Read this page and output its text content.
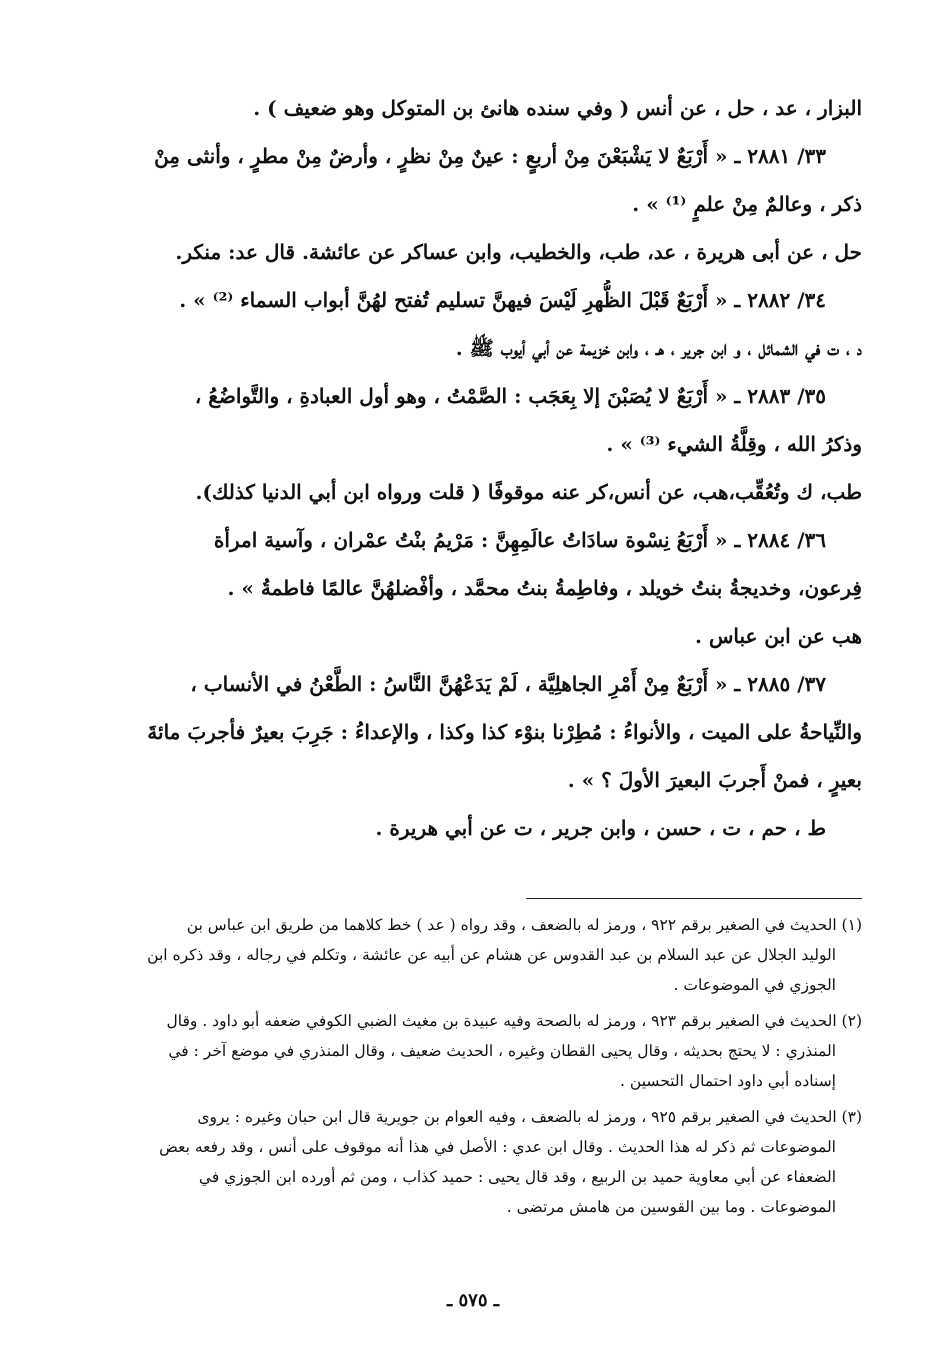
البزار ، عد ، حل ، عن أنس ( وفي سنده هانئ بن المتوكل وهو ضعيف ) .
٣٣/ ٢٨٨١ ـ « أَرْبَعٌ لا يَشْبَعْنَ مِنْ أربعٍ : عينٌ مِنْ نظرٍ ، وأرضٌ مِنْ مطرٍ ، وأنثى مِنْ
ذكر ، وعالمٌ مِنْ علمٍ ⁽¹⁾ » .
حل ، عن أبى هريرة ، عد، طب، والخطيب، وابن عساكر عن عائشة. قال عد: منكر.
٣٤/ ٢٨٨٢ ـ « أَرْبَعٌ قَبْلَ الظُّهرِ لَيْسَ فيهنَّ تسليم تُفتح لهُنَّ أبواب السماء ⁽²⁾ » .
د ، ت في الشمائل ، و ابن جرير ، هـ ، وابن خزيمة عن أبي أيوب ﷺ .
٣٥/ ٢٨٨٣ ـ « أَرْبَعٌ لا يُصَبْنَ إلا بِعَجَب : الصَّمْتُ ، وهو أول العبادةِ ، والتَّواضُعُ ،
وذكرُ الله ، وقِلَّةُ الشيء ⁽³⁾ » .
طب، ك وتُعُقِّب،هب، عن أنس،كر عنه موقوفًا ( قلت ورواه ابن أبي الدنيا كذلك).
٣٦/ ٢٨٨٤ ـ « أَرْبَعُ نِسْوة سادَاتُ عالَمِهِنَّ : مَرْيمُ بنْتُ عمْران ، وآسية امرأة
فِرعون، وخديجةُ بنتُ خويلد ، وفاطِمةُ بنتُ محمَّد ، وأفْضلهُنَّ عالمًا فاطمةُ » .
هب عن ابن عباس .
٣٧/ ٢٨٨٥ ـ « أَرْبَعٌ مِنْ أَمْرِ الجاهلِيَّة ، لَمْ يَدَعْهُنَّ النَّاسُ : الطَّعْنُ في الأنساب ،
والنِّياحةُ على الميت ، والأنواءُ : مُطِرْنا بنوْء كذا وكذا ، والإعداءُ : جَرِبَ بعيرٌ فأجربَ مائةَ
بعيرٍ ، فمنْ أَجربَ البعيرَ الأولَ ؟ » .
ط ، حم ، ت ، حسن ، وابن جرير ، ت عن أبي هريرة .
(١) الحديث في الصغير برقم ٩٢٢ ، ورمز له بالضعف ، وقد رواه ( عد ) خط كلاهما من طريق ابن عباس بن
الوليد الجلال عن عبد السلام بن عبد القدوس عن هشام عن أبيه عن عائشة ، وتكلم في رجاله ، وقد ذكره ابن
الجوزي في الموضوعات .
(٢) الحديث في الصغير برقم ٩٢٣ ، ورمز له بالصحة وفيه عبيدة بن مغيث الضبي الكوفي ضعفه أبو داود . وقال
المنذري : لا يحتج بحديثه ، وقال يحيى القطان وغيره ، الحديث ضعيف ، وقال المنذري في موضع آخر : في
إسناده أبي داود احتمال التحسين .
(٣) الحديث في الصغير برقم ٩٢٥ ، ورمز له بالضعف ، وفيه العوام بن جويرية قال ابن حبان وغيره : يروى
الموضوعات ثم ذكر له هذا الحديث . وقال ابن عدي : الأصل في هذا أنه موقوف على أنس ، وقد رفعه بعض
الضعفاء عن أبي معاوية حميد بن الربيع ، وقد قال يحيى : حميد كذاب ، ومن ثم أورده ابن الجوزي في
الموضوعات . وما بين القوسين من هامش مرتضى .
ـ ٥٧٥ ـ
